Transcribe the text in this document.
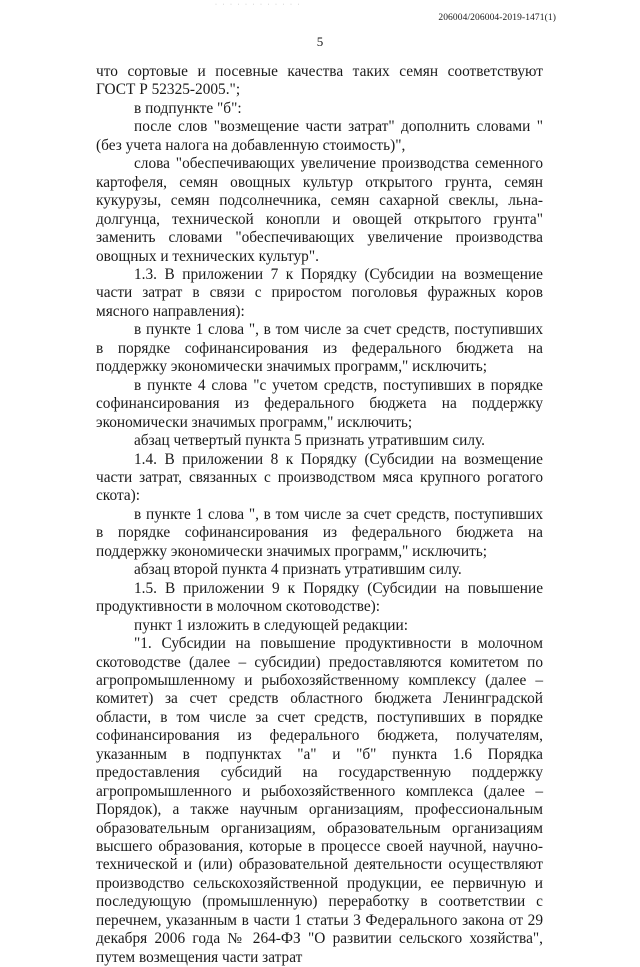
· · · · · · · · · · · ·
206004/206004-2019-1471(1)
5

что сортовые и посевные качества таких семян соответствуют ГОСТ Р 52325-2005.";

в подпункте "б":

после слов "возмещение части затрат" дополнить словами "(без учета налога на добавленную стоимость)",

слова "обеспечивающих увеличение производства семенного картофеля, семян овощных культур открытого грунта, семян кукурузы, семян подсолнечника, семян сахарной свеклы, льна-долгунца, технической конопли и овощей открытого грунта" заменить словами "обеспечивающих увеличение производства овощных и технических культур".

1.3. В приложении 7 к Порядку (Субсидии на возмещение части затрат в связи с приростом поголовья фуражных коров мясного направления):

в пункте 1 слова ", в том числе за счет средств, поступивших в порядке софинансирования из федерального бюджета на поддержку экономически значимых программ," исключить;

в пункте 4 слова "с учетом средств, поступивших в порядке софинансирования из федерального бюджета на поддержку экономически значимых программ," исключить;

абзац четвертый пункта 5 признать утратившим силу.

1.4. В приложении 8 к Порядку (Субсидии на возмещение части затрат, связанных с производством мяса крупного рогатого скота):

в пункте 1 слова ", в том числе за счет средств, поступивших в порядке софинансирования из федерального бюджета на поддержку экономически значимых программ," исключить;

абзац второй пункта 4 признать утратившим силу.

1.5. В приложении 9 к Порядку (Субсидии на повышение продуктивности в молочном скотоводстве):

пункт 1 изложить в следующей редакции:

"1. Субсидии на повышение продуктивности в молочном скотоводстве (далее – субсидии) предоставляются комитетом по агропромышленному и рыбохозяйственному комплексу (далее – комитет) за счет средств областного бюджета Ленинградской области, в том числе за счет средств, поступивших в порядке софинансирования из федерального бюджета, получателям, указанным в подпунктах "а" и "б" пункта 1.6 Порядка предоставления субсидий на государственную поддержку агропромышленного и рыбохозяйственного комплекса (далее – Порядок), а также научным организациям, профессиональным образовательным организациям, образовательным организациям высшего образования, которые в процессе своей научной, научно-технической и (или) образовательной деятельности осуществляют производство сельскохозяйственной продукции, ее первичную и последующую (промышленную) переработку в соответствии с перечнем, указанным в части 1 статьи 3 Федерального закона от 29 декабря 2006 года № 264-ФЗ "О развитии сельского хозяйства", путем возмещения части затрат
